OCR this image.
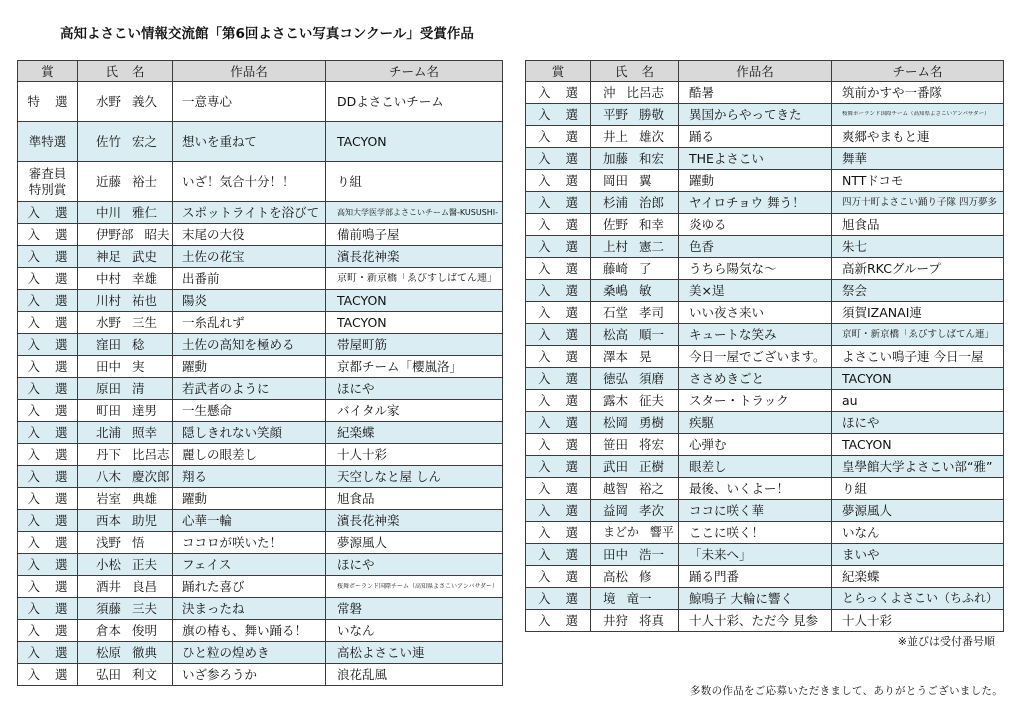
高知よさこい情報交流館「第6回よさこい写真コンクール」受賞作品
賞	氏 名	作品名	チーム名
特 選	水野 義久	一意専心	DDよさこいチーム

準特選	佐竹 宏之	想いを重ねて	TACYON

審査員
特別賞	近藤 裕士	いざ！気合十分！！	り組

入 選	中川 雅仁	スポットライトを浴びて	高知大学医学部よさこいチーム醫-KUSUSHI-

入 選	伊野部 昭夫	末尾の大役	備前鳴子屋

入 選	神足 武史	土佐の花宝	濱長花神楽

入 選	中村 幸雄	出番前	京町・新京橋「ゑびすしばてん連」

入 選	川村 祐也	陽炎	TACYON

入 選	水野 三生	一糸乱れず	TACYON

入 選	窪田 稔	土佐の高知を極める	帯屋町筋

入 選	田中 実	躍動	京都チーム「櫻嵐洛」

入 選	原田 清	若武者のように	ほにや

入 選	町田 達男	一生懸命	バイタル家

入 選	北浦 照幸	隠しきれない笑顔	紀楽蝶

入 選	丹下 比呂志	麗しの眼差し	十人十彩

入 選	八木 慶次郎	翔る	天空しなと屋 しん

入 選	岩室 典雄	躍動	旭食品

入 選	西本 助児	心華一輪	濱長花神楽

入 選	浅野 悟	ココロが咲いた！	夢源風人

入 選	小松 正夫	フェイス	ほにや

入 選	酒井 良昌	踊れた喜び	桜舞ポーランド国際チーム（高知県よさこいアンバサダー）

入 選	須藤 三夫	決まったね	常磐

入 選	倉本 俊明	旗の椿も、舞い踊る！	いなん

入 選	松原 徹典	ひと粒の煌めき	高松よさこい連

入 選	弘田 利文	いざ参ろうか	浪花乱風
賞	氏 名	作品名	チーム名
入 選	沖 比呂志	酷暑	筑前かすや一番隊

入 選	平野 勝敬	異国からやってきた	桜舞ポーランド国際チーム（高知県よさこいアンバサダー）

入 選	井上 雄次	踊る	爽郷やまもと連

入 選	加藤 和宏	THEよさこい	舞華

入 選	岡田 翼	躍動	NTTドコモ

入 選	杉浦 治郎	ヤイロチョウ 舞う！	四万十町よさこい踊り子隊 四万夢多

入 選	佐野 和幸	炎ゆる	旭食品

入 選	上村 憲二	色香	朱七

入 選	藤崎 了	うちら陽気な～	高新RKCグループ

入 選	桑嶋 敏	美×逞	祭会

入 選	石堂 孝司	いい夜さ来い	須賀IZANAI連

入 選	松高 順一	キュートな笑み	京町・新京橋「ゑびすしばてん連」

入 選	澤本 晃	今日一屋でございます。	よさこい鳴子連 今日一屋

入 選	徳弘 須磨	ささめきごと	TACYON

入 選	露木 征夫	スター・トラック	au

入 選	松岡 勇樹	疾駆	ほにや

入 選	笹田 将宏	心弾む	TACYON

入 選	武田 正樹	眼差し	皇學館大学よさこい部“雅”

入 選	越智 裕之	最後、いくよー！	り組

入 選	益岡 孝次	ココに咲く華	夢源風人

入 選	まどか 響平	ここに咲く！	いなん

入 選	田中 浩一	「未来へ」	まいや

入 選	高松 修	踊る門番	紀楽蝶

入 選	境 竜一	鯨鳴子 大輪に響く	とらっくよさこい（ちふれ）

入 選	井狩 将真	十人十彩、ただ今 見参	十人十彩
※並びは受付番号順
多数の作品をご応募いただきまして、ありがとうございました。
